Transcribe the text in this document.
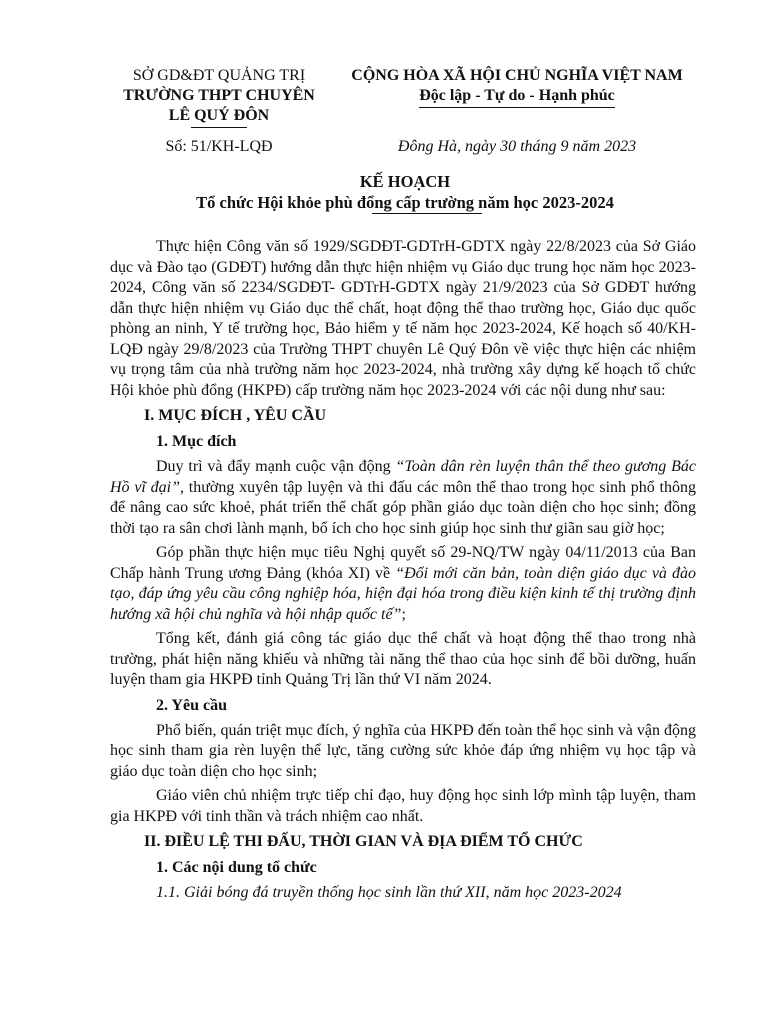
SỞ GD&ĐT QUẢNG TRỊ
TRƯỜNG THPT CHUYÊN
LÊ QUÝ ĐÔN
CỘNG HÒA XÃ HỘI CHỦ NGHĨA VIỆT NAM
Độc lập - Tự do - Hạnh phúc
Số: 51/KH-LQĐ	Đông Hà, ngày 30 tháng 9 năm 2023
KẾ HOẠCH
Tổ chức Hội khỏe phù đổng cấp trường năm học 2023-2024

Thực hiện Công văn số 1929/SGDĐT-GDTrH-GDTX ngày 22/8/2023 của Sở Giáo dục và Đào tạo (GDĐT) hướng dẫn thực hiện nhiệm vụ Giáo dục trung học năm học 2023-2024, Công văn số 2234/SGDĐT- GDTrH-GDTX ngày 21/9/2023 của Sở GDĐT hướng dẫn thực hiện nhiệm vụ Giáo dục thể chất, hoạt động thể thao trường học, Giáo dục quốc phòng an ninh, Y tế trường học, Bảo hiểm y tế năm học 2023-2024, Kế hoạch số 40/KH-LQĐ ngày 29/8/2023 của Trường THPT chuyên Lê Quý Đôn về việc thực hiện các nhiệm vụ trọng tâm của nhà trường năm học 2023-2024, nhà trường xây dựng kế hoạch tổ chức Hội khỏe phù đổng (HKPĐ) cấp trường năm học 2023-2024 với các nội dung như sau:

I. MỤC ĐÍCH , YÊU CẦU
1. Mục đích

Duy trì và đẩy mạnh cuộc vận động “Toàn dân rèn luyện thân thể theo gương Bác Hồ vĩ đại”, thường xuyên tập luyện và thi đấu các môn thể thao trong học sinh phổ thông để nâng cao sức khoẻ, phát triển thể chất góp phần giáo dục toàn diện cho học sinh; đồng thời tạo ra sân chơi lành mạnh, bổ ích cho học sinh giúp học sinh thư giãn sau giờ học;

Góp phần thực hiện mục tiêu Nghị quyết số 29-NQ/TW ngày 04/11/2013 của Ban Chấp hành Trung ương Đảng (khóa XI) về “Đổi mới căn bản, toàn diện giáo dục và đào tạo, đáp ứng yêu cầu công nghiệp hóa, hiện đại hóa trong điều kiện kinh tế thị trường định hướng xã hội chủ nghĩa và hội nhập quốc tế”;

Tổng kết, đánh giá công tác giáo dục thể chất và hoạt động thể thao trong nhà trường, phát hiện năng khiếu và những tài năng thể thao của học sinh để bồi dưỡng, huấn luyện tham gia HKPĐ tỉnh Quảng Trị lần thứ VI năm 2024.

2. Yêu cầu

Phổ biến, quán triệt mục đích, ý nghĩa của HKPĐ đến toàn thể học sinh và vận động học sinh tham gia rèn luyện thể lực, tăng cường sức khỏe đáp ứng nhiệm vụ học tập và giáo dục toàn diện cho học sinh;

Giáo viên chủ nhiệm trực tiếp chỉ đạo, huy động học sinh lớp mình tập luyện, tham gia HKPĐ với tinh thần và trách nhiệm cao nhất.

II. ĐIỀU LỆ THI ĐẤU, THỜI GIAN VÀ ĐỊA ĐIỂM TỔ CHỨC
1. Các nội dung tổ chức

1.1. Giải bóng đá truyền thống học sinh lần thứ XII, năm học 2023-2024
